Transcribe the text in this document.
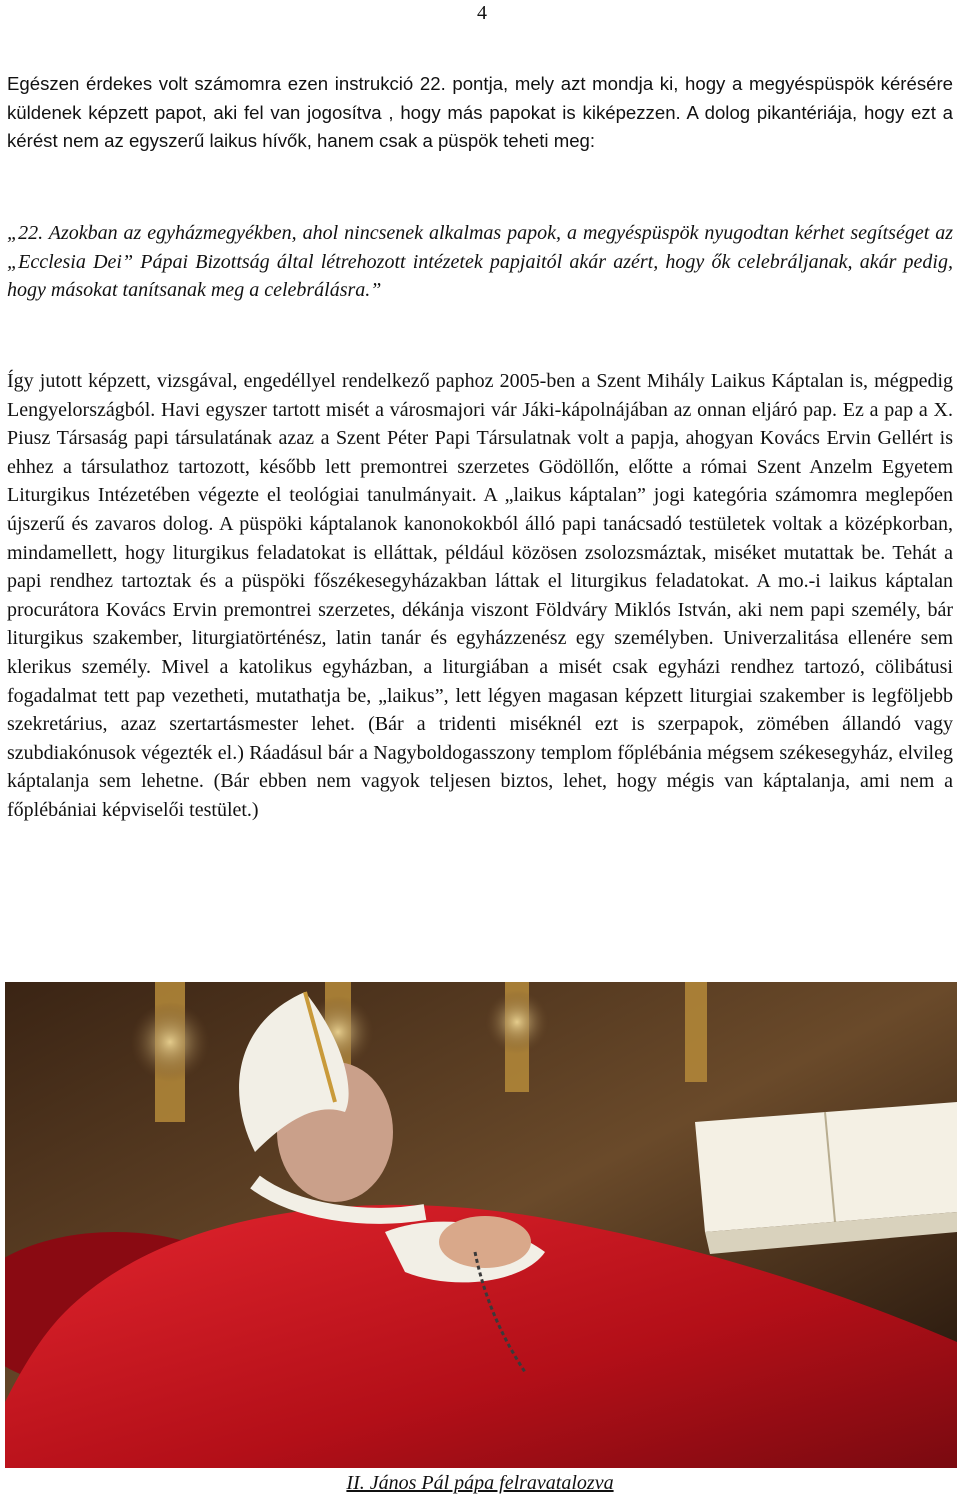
4

Egészen érdekes volt számomra ezen instrukció 22. pontja, mely azt mondja ki, hogy a megyéspüspök kérésére küldenek képzett papot, aki fel van jogosítva , hogy más papokat is kiképezzen. A dolog pikantériája, hogy ezt a kérést nem az egyszerű laikus hívők, hanem csak a püspök teheti meg:

„22. Azokban az egyházmegyékben, ahol nincsenek alkalmas papok, a megyéspüspök nyugodtan kérhet segítséget az „Ecclesia Dei” Pápai Bizottság által létrehozott intézetek papjaitól akár azért, hogy ők celebráljanak, akár pedig, hogy másokat tanítsanak meg a celebrálásra.”

Így jutott képzett, vizsgával, engedéllyel rendelkező paphoz 2005-ben a Szent Mihály Laikus Káptalan is, mégpedig Lengyelországból. Havi egyszer tartott misét a városmajori vár Jáki-kápolnájában az onnan eljáró pap. Ez a pap a X. Piusz Társaság papi társulatának azaz a Szent Péter Papi Társulatnak volt a papja, ahogyan Kovács Ervin Gellért is ehhez a társulathoz tartozott, később lett premontrei szerzetes Gödöllőn, előtte a római Szent Anzelm Egyetem Liturgikus Intézetében végezte el teológiai tanulmányait. A „laikus káptalan” jogi kategória számomra meglepően újszerű és zavaros dolog. A püspöki káptalanok kanonokokból álló papi tanácsadó testületek voltak a középkorban, mindamellett, hogy liturgikus feladatokat is elláttak, például közösen zsolozsmáztak, miséket mutattak be. Tehát a papi rendhez tartoztak és a püspöki főszékesegyházakban láttak el liturgikus feladatokat. A mo.-i laikus káptalan procurátora Kovács Ervin premontrei szerzetes, dékánja viszont Földváry Miklós István, aki nem papi személy, bár liturgikus szakember, liturgiatörténész, latin tanár és egyházzenész egy személyben. Univerzalitása ellenére sem klerikus személy. Mivel a katolikus egyházban, a liturgiában a misét csak egyházi rendhez tartozó, cölibátusi fogadalmat tett pap vezetheti, mutathatja be, „laikus”, lett légyen magasan képzett liturgiai szakember is legföljebb szekretárius, azaz szertartásmester lehet. (Bár a tridenti miséknél ezt is szerpapok, zömében állandó vagy szubdiakónusok végezték el.) Ráadásul bár a Nagyboldogasszony templom főplébánia mégsem székesegyház, elvileg káptalanja sem lehetne. (Bár ebben nem vagyok teljesen biztos, lehet, hogy mégis van káptalanja, ami nem a főplébániai képviselői testület.)

II. János Pál pápa felravatalozva
